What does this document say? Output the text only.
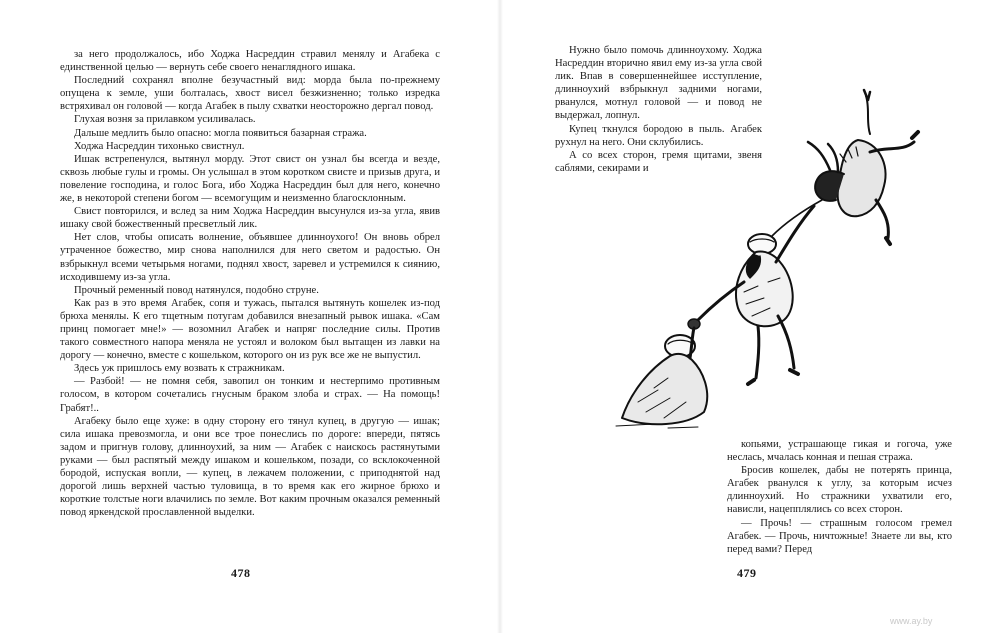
за него продолжалось, ибо Ходжа Насреддин стравил менялу и Агабека с единственной целью — вернуть себе своего ненаглядного ишака.

Последний сохранял вполне безучастный вид: морда была по-прежнему опущена к земле, уши болталась, хвост висел безжизненно; только изредка встряхивал он головой — когда Агабек в пылу схватки неосторожно дергал повод.

Глухая возня за прилавком усиливалась.

Дальше медлить было опасно: могла появиться базарная стража.

Ходжа Насреддин тихонько свистнул.

Ишак встрепенулся, вытянул морду. Этот свист он узнал бы всегда и везде, сквозь любые гулы и громы. Он услышал в этом коротком свисте и призыв друга, и повеление господина, и голос Бога, ибо Ходжа Насреддин был для него, конечно же, в некоторой степени богом — всемогущим и неизменно благосклонным.

Свист повторился, и вслед за ним Ходжа Насреддин высунулся из-за угла, явив ишаку свой божественный пресветлый лик.

Нет слов, чтобы описать волнение, объявшее длинноухого! Он вновь обрел утраченное божество, мир снова наполнился для него светом и радостью. Он взбрыкнул всеми четырьмя ногами, поднял хвост, заревел и устремился к сиянию, исходившему из-за угла.

Прочный ременный повод натянулся, подобно струне.

Как раз в это время Агабек, сопя и тужась, пытался вытянуть кошелек из-под брюха менялы. К его тщетным потугам добавился внезапный рывок ишака. «Сам принц помогает мне!» — возомнил Агабек и напряг последние силы. Против такого совместного напора меняла не устоял и волоком был вытащен из лавки на дорогу — конечно, вместе с кошельком, которого он из рук все же не выпустил.

Здесь уж пришлось ему возвать к стражникам.

— Разбой! — не помня себя, завопил он тонким и нестерпимо противным голосом, в котором сочетались гнусным браком злоба и страх. — На помощь! Грабят!..

Агабеку было еще хуже: в одну сторону его тянул купец, в другую — ишак; сила ишака превозмогла, и они все трое понеслись по дороге: впереди, пятясь задом и пригнув голову, длинноухий, за ним — Агабек с наискось растянутыми руками — был распятый между ишаком и кошельком, позади, со всклокоченной бородой, испуская вопли, — купец, в лежачем положении, с приподнятой над дорогой лишь верхней частью туловища, в то время как его жирное брюхо и короткие толстые ноги влачились по земле. Вот каким прочным оказался ременный повод яркендской прославленной выделки.

478

Нужно было помочь длинноухому. Ходжа Насреддин вторично явил ему из-за угла свой лик. Впав в совершеннейшее исступление, длинноухий взбрыкнул задними ногами, рванулся, мотнул головой — и повод не выдержал, лопнул.

Купец ткнулся бородою в пыль. Агабек рухнул на него. Они склубились.

А со всех сторон, гремя щитами, звеня саблями, секирами и

копьями, устрашающе гикая и гогоча, уже неслась, мчалась конная и пешая стража.

Бросив кошелек, дабы не потерять принца, Агабек рванулся к углу, за которым исчез длинноухий. Но стражники ухватили его, нависли, нацепплялись со всех сторон.

— Прочь! — страшным голосом гремел Агабек. — Прочь, ничтожные! Знаете ли вы, кто перед вами? Перед

479
www.ay.by
